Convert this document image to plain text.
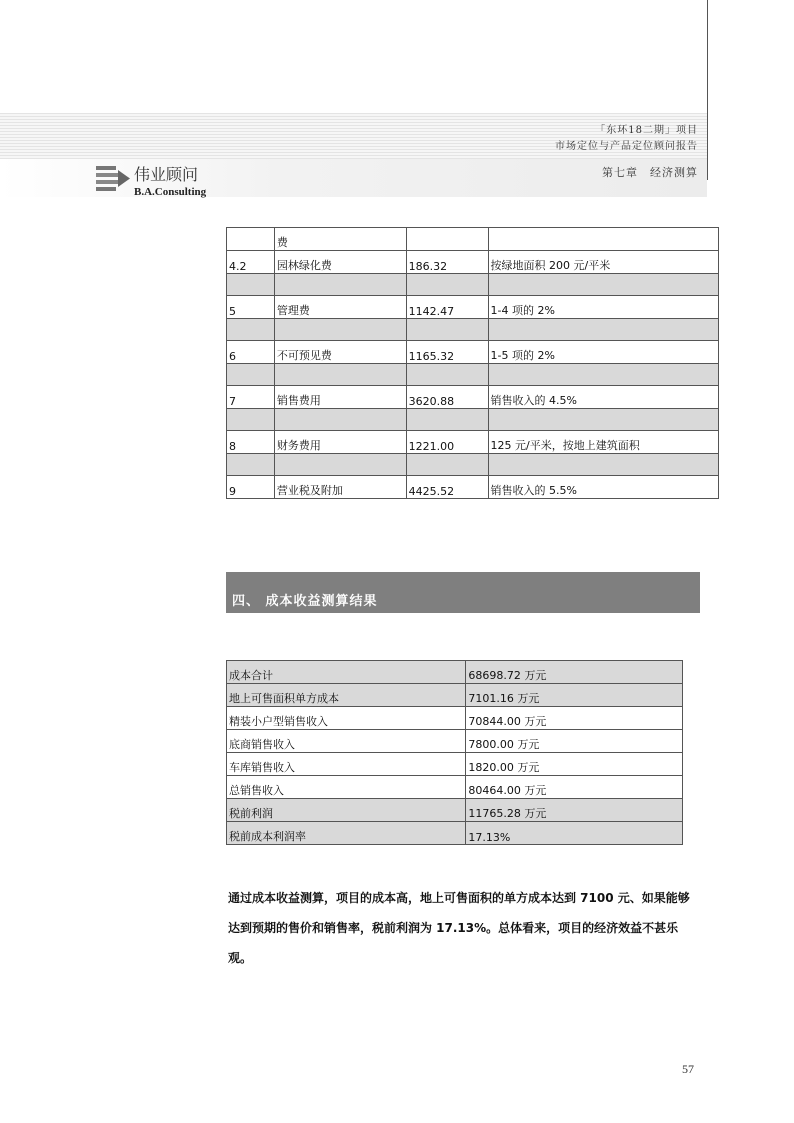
「东环18二期」项目
市场定位与产品定位顾问报告
第七章　经济测算
伟业顾问
B.A.Consulting
	费		
4.2	园林绿化费	186.32	按绿地面积 200 元/平米

5	管理费	1142.47	1-4 项的 2%

6	不可预见费	1165.32	1-5 项的 2%

7	销售费用	3620.88	销售收入的 4.5%

8	财务费用	1221.00	125 元/平米，按地上建筑面积

9	营业税及附加	4425.52	销售收入的 5.5%
四、 成本收益测算结果
成本合计	68698.72 万元
地上可售面积单方成本	7101.16 万元
精装小户型销售收入	70844.00 万元
底商销售收入	7800.00 万元
车库销售收入	1820.00 万元
总销售收入	80464.00 万元
税前利润	11765.28 万元
税前成本利润率	17.13%
通过成本收益测算，项目的成本高，地上可售面积的单方成本达到 7100 元、如果能够达到预期的售价和销售率，税前利润为 17.13%。总体看来，项目的经济效益不甚乐观。
57
